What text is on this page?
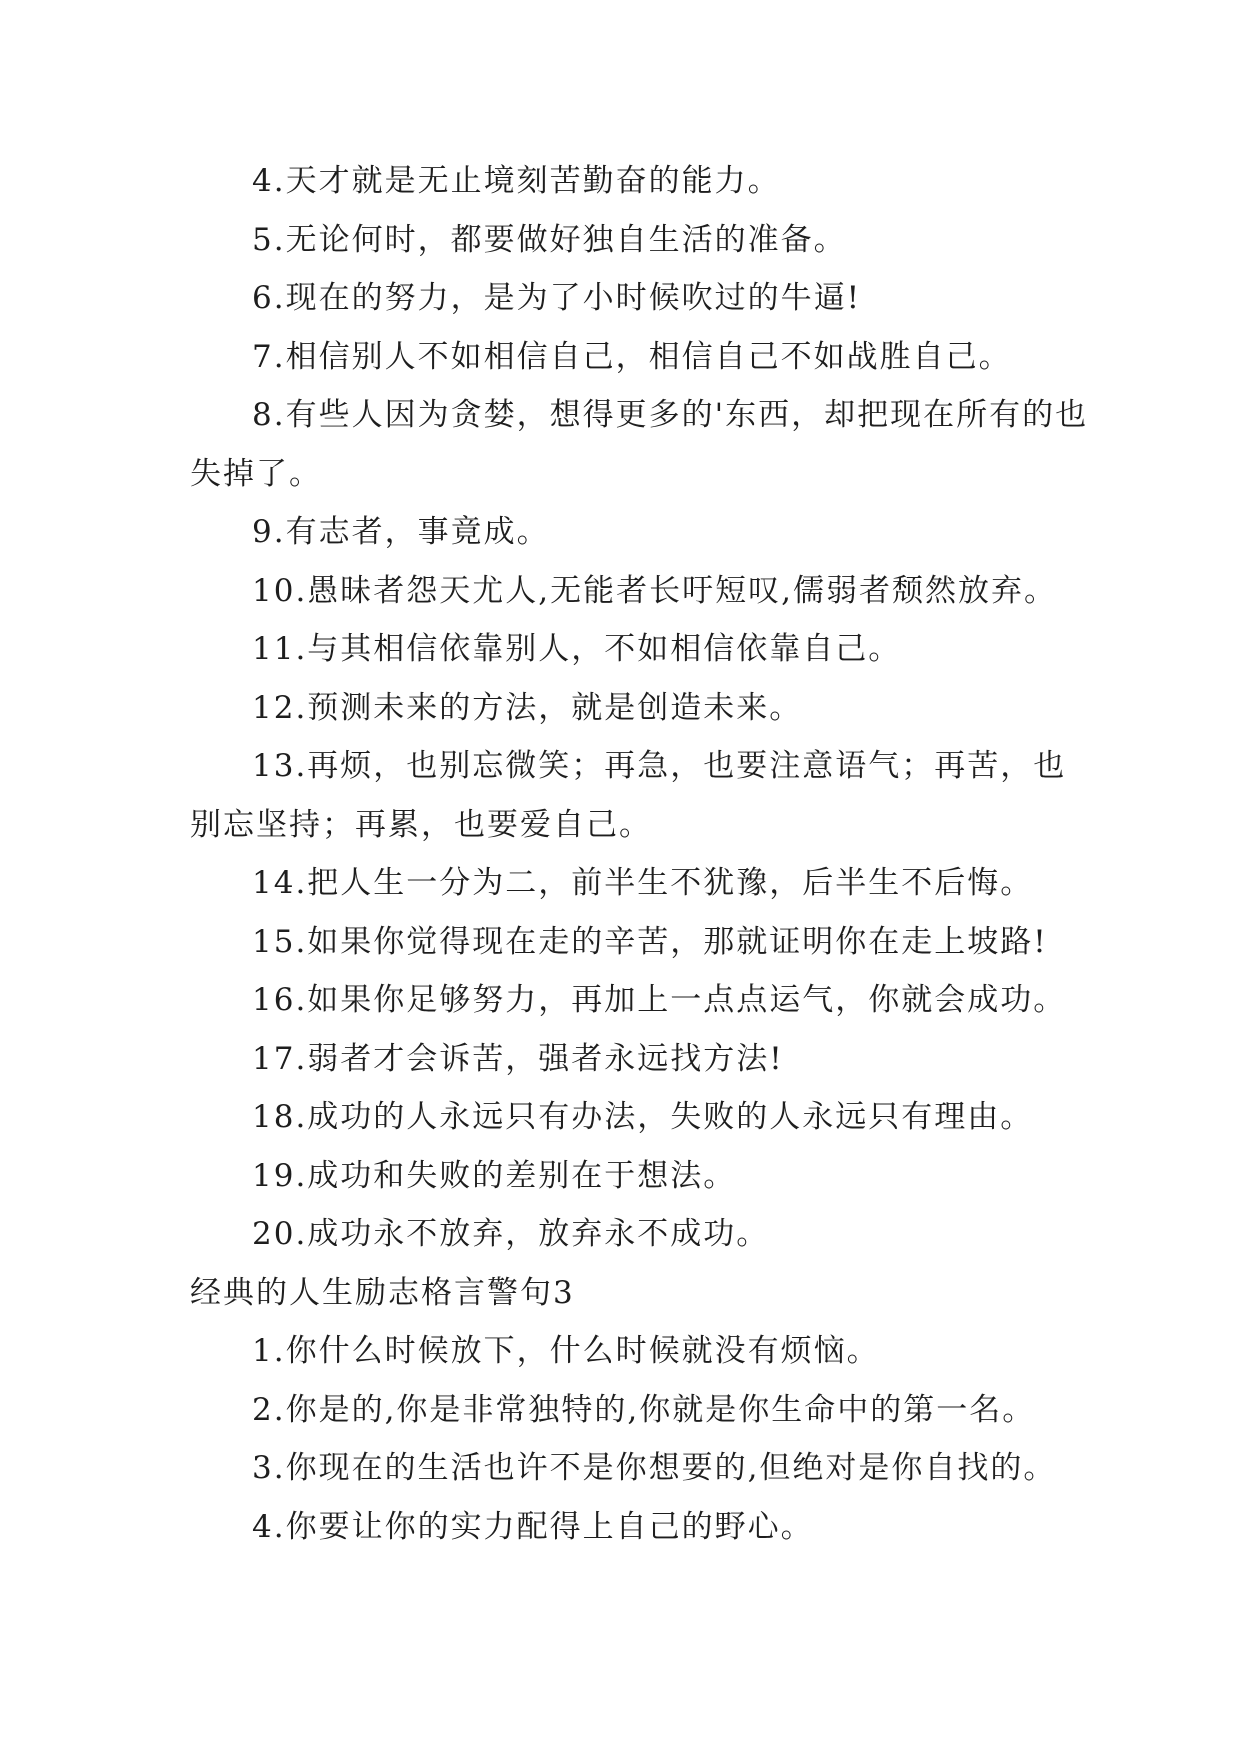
4.天才就是无止境刻苦勤奋的能力。

5.无论何时，都要做好独自生活的准备。

6.现在的努力，是为了小时候吹过的牛逼!

7.相信别人不如相信自己，相信自己不如战胜自己。

8.有些人因为贪婪，想得更多的'东西，却把现在所有的也失掉了。

9.有志者，事竟成。

10.愚昧者怨天尤人,无能者长吁短叹,儒弱者颓然放弃。

11.与其相信依靠别人，不如相信依靠自己。

12.预测未来的方法，就是创造未来。

13.再烦，也别忘微笑；再急，也要注意语气；再苦，也别忘坚持；再累，也要爱自己。

14.把人生一分为二，前半生不犹豫，后半生不后悔。

15.如果你觉得现在走的辛苦，那就证明你在走上坡路!

16.如果你足够努力，再加上一点点运气，你就会成功。

17.弱者才会诉苦，强者永远找方法!

18.成功的人永远只有办法，失败的人永远只有理由。

19.成功和失败的差别在于想法。

20.成功永不放弃，放弃永不成功。

经典的人生励志格言警句3

1.你什么时候放下，什么时候就没有烦恼。

2.你是的,你是非常独特的,你就是你生命中的第一名。

3.你现在的生活也许不是你想要的,但绝对是你自找的。

4.你要让你的实力配得上自己的野心。
